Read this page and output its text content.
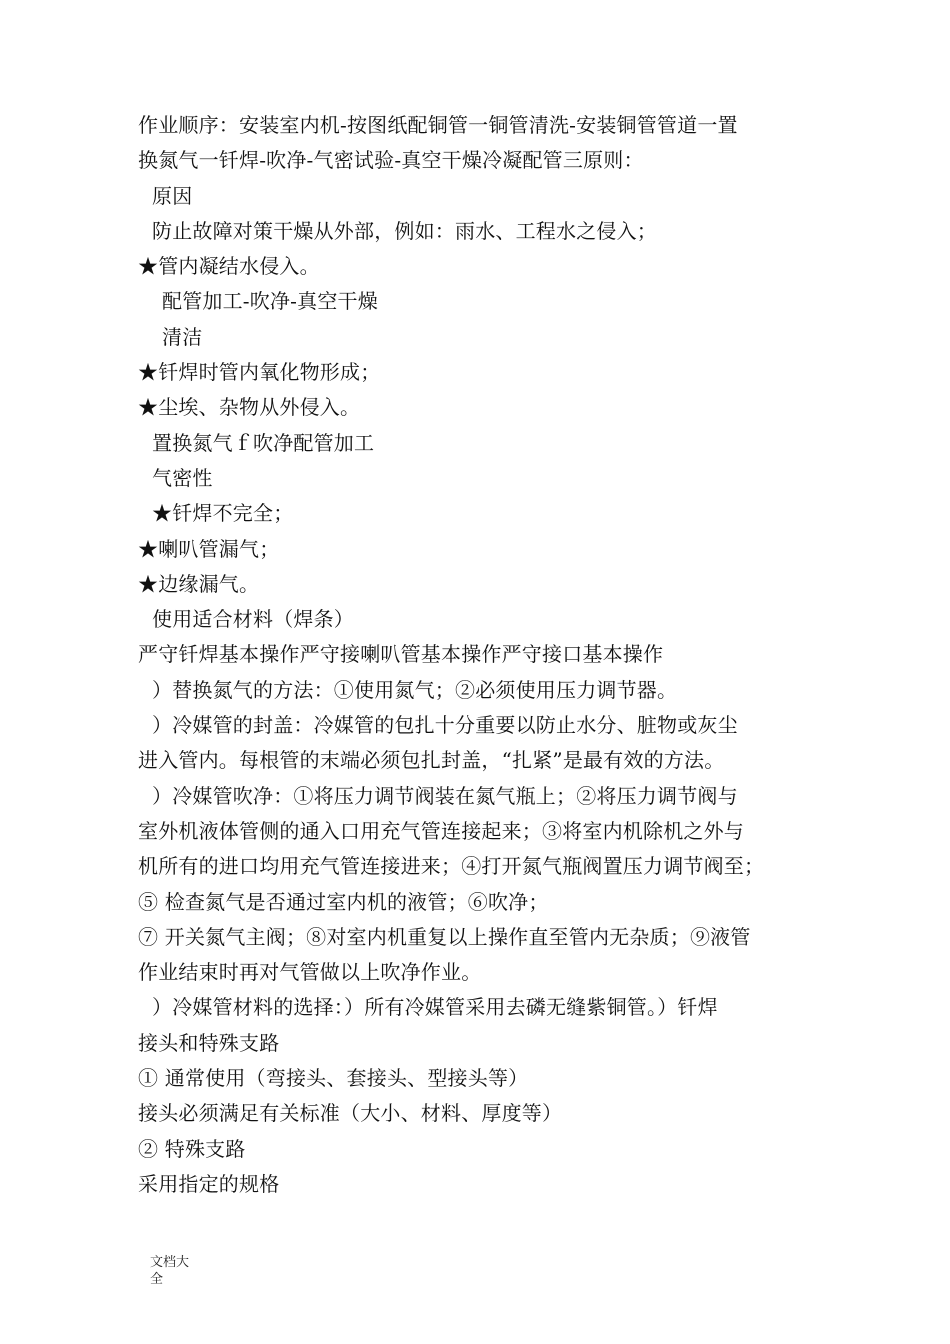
作业顺序：安装室内机-按图纸配铜管一铜管清洗-安装铜管管道一置
换氮气一钎焊-吹净-气密试验-真空干燥冷凝配管三原则：
原因
防止故障对策干燥从外部，例如：雨水、工程水之侵入；
★管内凝结水侵入。
配管加工-吹净-真空干燥
清洁
★钎焊时管内氧化物形成；
★尘埃、杂物从外侵入。
置换氮气ｆ吹净配管加工
气密性
★钎焊不完全；
★喇叭管漏气；
★边缘漏气。
使用适合材料（焊条）
严守钎焊基本操作严守接喇叭管基本操作严守接口基本操作
）替换氮气的方法：①使用氮气；②必须使用压力调节器。
）冷媒管的封盖：冷媒管的包扎十分重要以防止水分、脏物或灰尘
进入管内。每根管的末端必须包扎封盖，“扎紧”是最有效的方法。
）冷媒管吹净：①将压力调节阀装在氮气瓶上；②将压力调节阀与
室外机液体管侧的通入口用充气管连接起来；③将室内机除机之外与
机所有的进口均用充气管连接进来；④打开氮气瓶阀置压力调节阀至；
⑤ 检查氮气是否通过室内机的液管；⑥吹净；
⑦ 开关氮气主阀；⑧对室内机重复以上操作直至管内无杂质；⑨液管
作业结束时再对气管做以上吹净作业。
）冷媒管材料的选择：）所有冷媒管采用去磷无缝紫铜管。）钎焊
接头和特殊支路
① 通常使用（弯接头、套接头、型接头等）
接头必须满足有关标准（大小、材料、厚度等）
② 特殊支路
采用指定的规格
文档大
全
